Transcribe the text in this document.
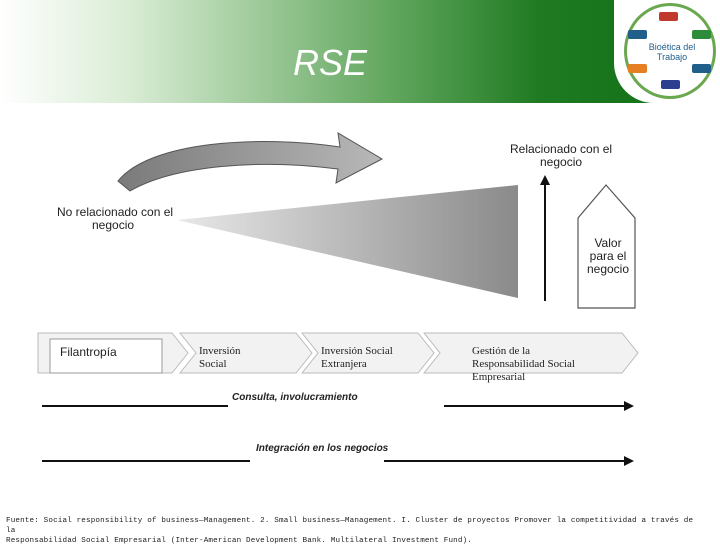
RSE	Bioética del
Trabajo
Relacionado con el
negocio
No relacionado con el
negocio
Valor
para el
negocio
Filantropía	Inversión
Social
Inversión Social
Extranjera
Gestión de la
Responsabilidad Social
Empresarial
Consulta, involucramiento
Integración en los negocios
Fuente: Social responsibility of business—Management. 2. Small business—Management. I. Cluster de proyectos Promover la competitividad a través de la
Responsabilidad Social Empresarial (Inter-American Development Bank. Multilateral Investment Fund).
